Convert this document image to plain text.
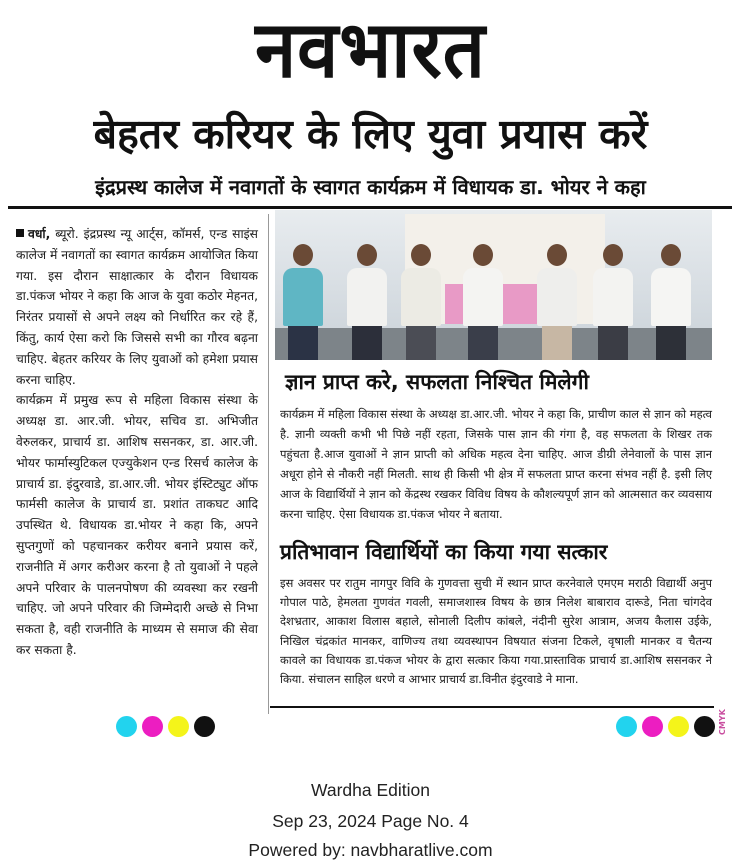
नवभारत
बेहतर करियर के लिए युवा प्रयास करें
इंद्रप्रस्थ कालेज में नवागतों के स्वागत कार्यक्रम में विधायक डा. भोयर ने कहा

वर्धा, ब्यूरो. इंद्रप्रस्थ न्यू आर्ट्स, कॉमर्स, एन्ड साइंस कालेज में नवागतों का स्वागत कार्यक्रम आयोजित किया गया. इस दौरान साक्षात्कार के दौरान विधायक डा.पंकज भोयर ने कहा कि आज के युवा कठोर मेहनत, निरंतर प्रयासों से अपने लक्ष्य को निर्धारित कर रहे हैं, किंतु, कार्य ऐसा करो कि जिससे सभी का गौरव बढ़ना चाहिए. बेहतर करियर के लिए युवाओं को हमेशा प्रयास करना चाहिए.

कार्यक्रम में प्रमुख रूप से महिला विकास संस्था के अध्यक्ष डा. आर.जी. भोयर, सचिव डा. अभिजीत वेरुलकर, प्राचार्य डा. आशिष ससनकर, डा. आर.जी. भोयर फार्मास्युटिकल एज्युकेशन एन्ड रिसर्च कालेज के प्राचार्य डा. इंदुरवाडे, डा.आर.जी. भोयर इंस्टिट्युट ऑफ फार्मसी कालेज के प्राचार्य डा. प्रशांत ताकघट आदि उपस्थित थे. विधायक डा.भोयर ने कहा कि, अपने सुप्तगुणों को पहचानकर करीयर बनाने प्रयास करें, राजनीति में अगर करीअर करना है तो युवाओं ने पहले अपने परिवार के पालनपोषण की व्यवस्था कर रखनी चाहिए. जो अपने परिवार की जिम्मेदारी अच्छे से निभा सकता है, वही राजनीति के माध्यम से समाज की सेवा कर सकता है.

ज्ञान प्राप्त करे, सफलता निश्चित मिलेगी

कार्यक्रम में महिला विकास संस्था के अध्यक्ष डा.आर.जी. भोयर ने कहा कि, प्राचीण काल से ज्ञान को महत्व है. ज्ञानी व्यक्ती कभी भी पिछे नहीं रहता, जिसके पास ज्ञान की गंगा है, वह सफलता के शिखर तक पहुंचता है.आज युवाओं ने ज्ञान प्राप्ती को अधिक महत्व देना चाहिए. आज डीग्री लेनेवालों के पास ज्ञान अधूरा होने से नौकरी नहीं मिलती. साथ ही किसी भी क्षेत्र में सफलता प्राप्त करना संभव नहीं है. इसी लिए आज के विद्यार्थियों ने ज्ञान को केंद्रस्थ रखकर विविध विषय के कौशल्यपूर्ण ज्ञान को आत्मसात कर व्यवसाय करना चाहिए. ऐसा विधायक डा.पंकज भोयर ने बताया.

प्रतिभावान विद्यार्थियों का किया गया सत्कार

इस अवसर पर रातुम नागपुर विवि के गुणवत्ता सुची में स्थान प्राप्त करनेवाले एमएम मराठी विद्यार्थी अनुप गोपाल पाठे, हेमलता गुणवंत गवली, समाजशास्त्र विषय के छात्र निलेश बाबाराव दारूडे, निता चांगदेव देशभ्रतार, आकाश विलास बहाले, सोनाली दिलीप कांबले, नंदीनी सुरेश आत्राम, अजय कैलास उईके, निखिल चंद्रकांत मानकर, वाणिज्य तथा व्यवस्थापन विषयात संजना टिकले, वृषाली मानकर व चैतन्य कावले का विधायक डा.पंकज भोयर के द्वारा सत्कार किया गया.प्रास्ताविक प्राचार्य डा.आशिष ससनकर ने किया. संचालन साहिल धरणे व आभार प्राचार्य डा.विनीत इंदुरवाडे ने माना.

CMYK
Wardha Edition
Sep 23, 2024 Page No. 4
Powered by: navbharatlive.com
